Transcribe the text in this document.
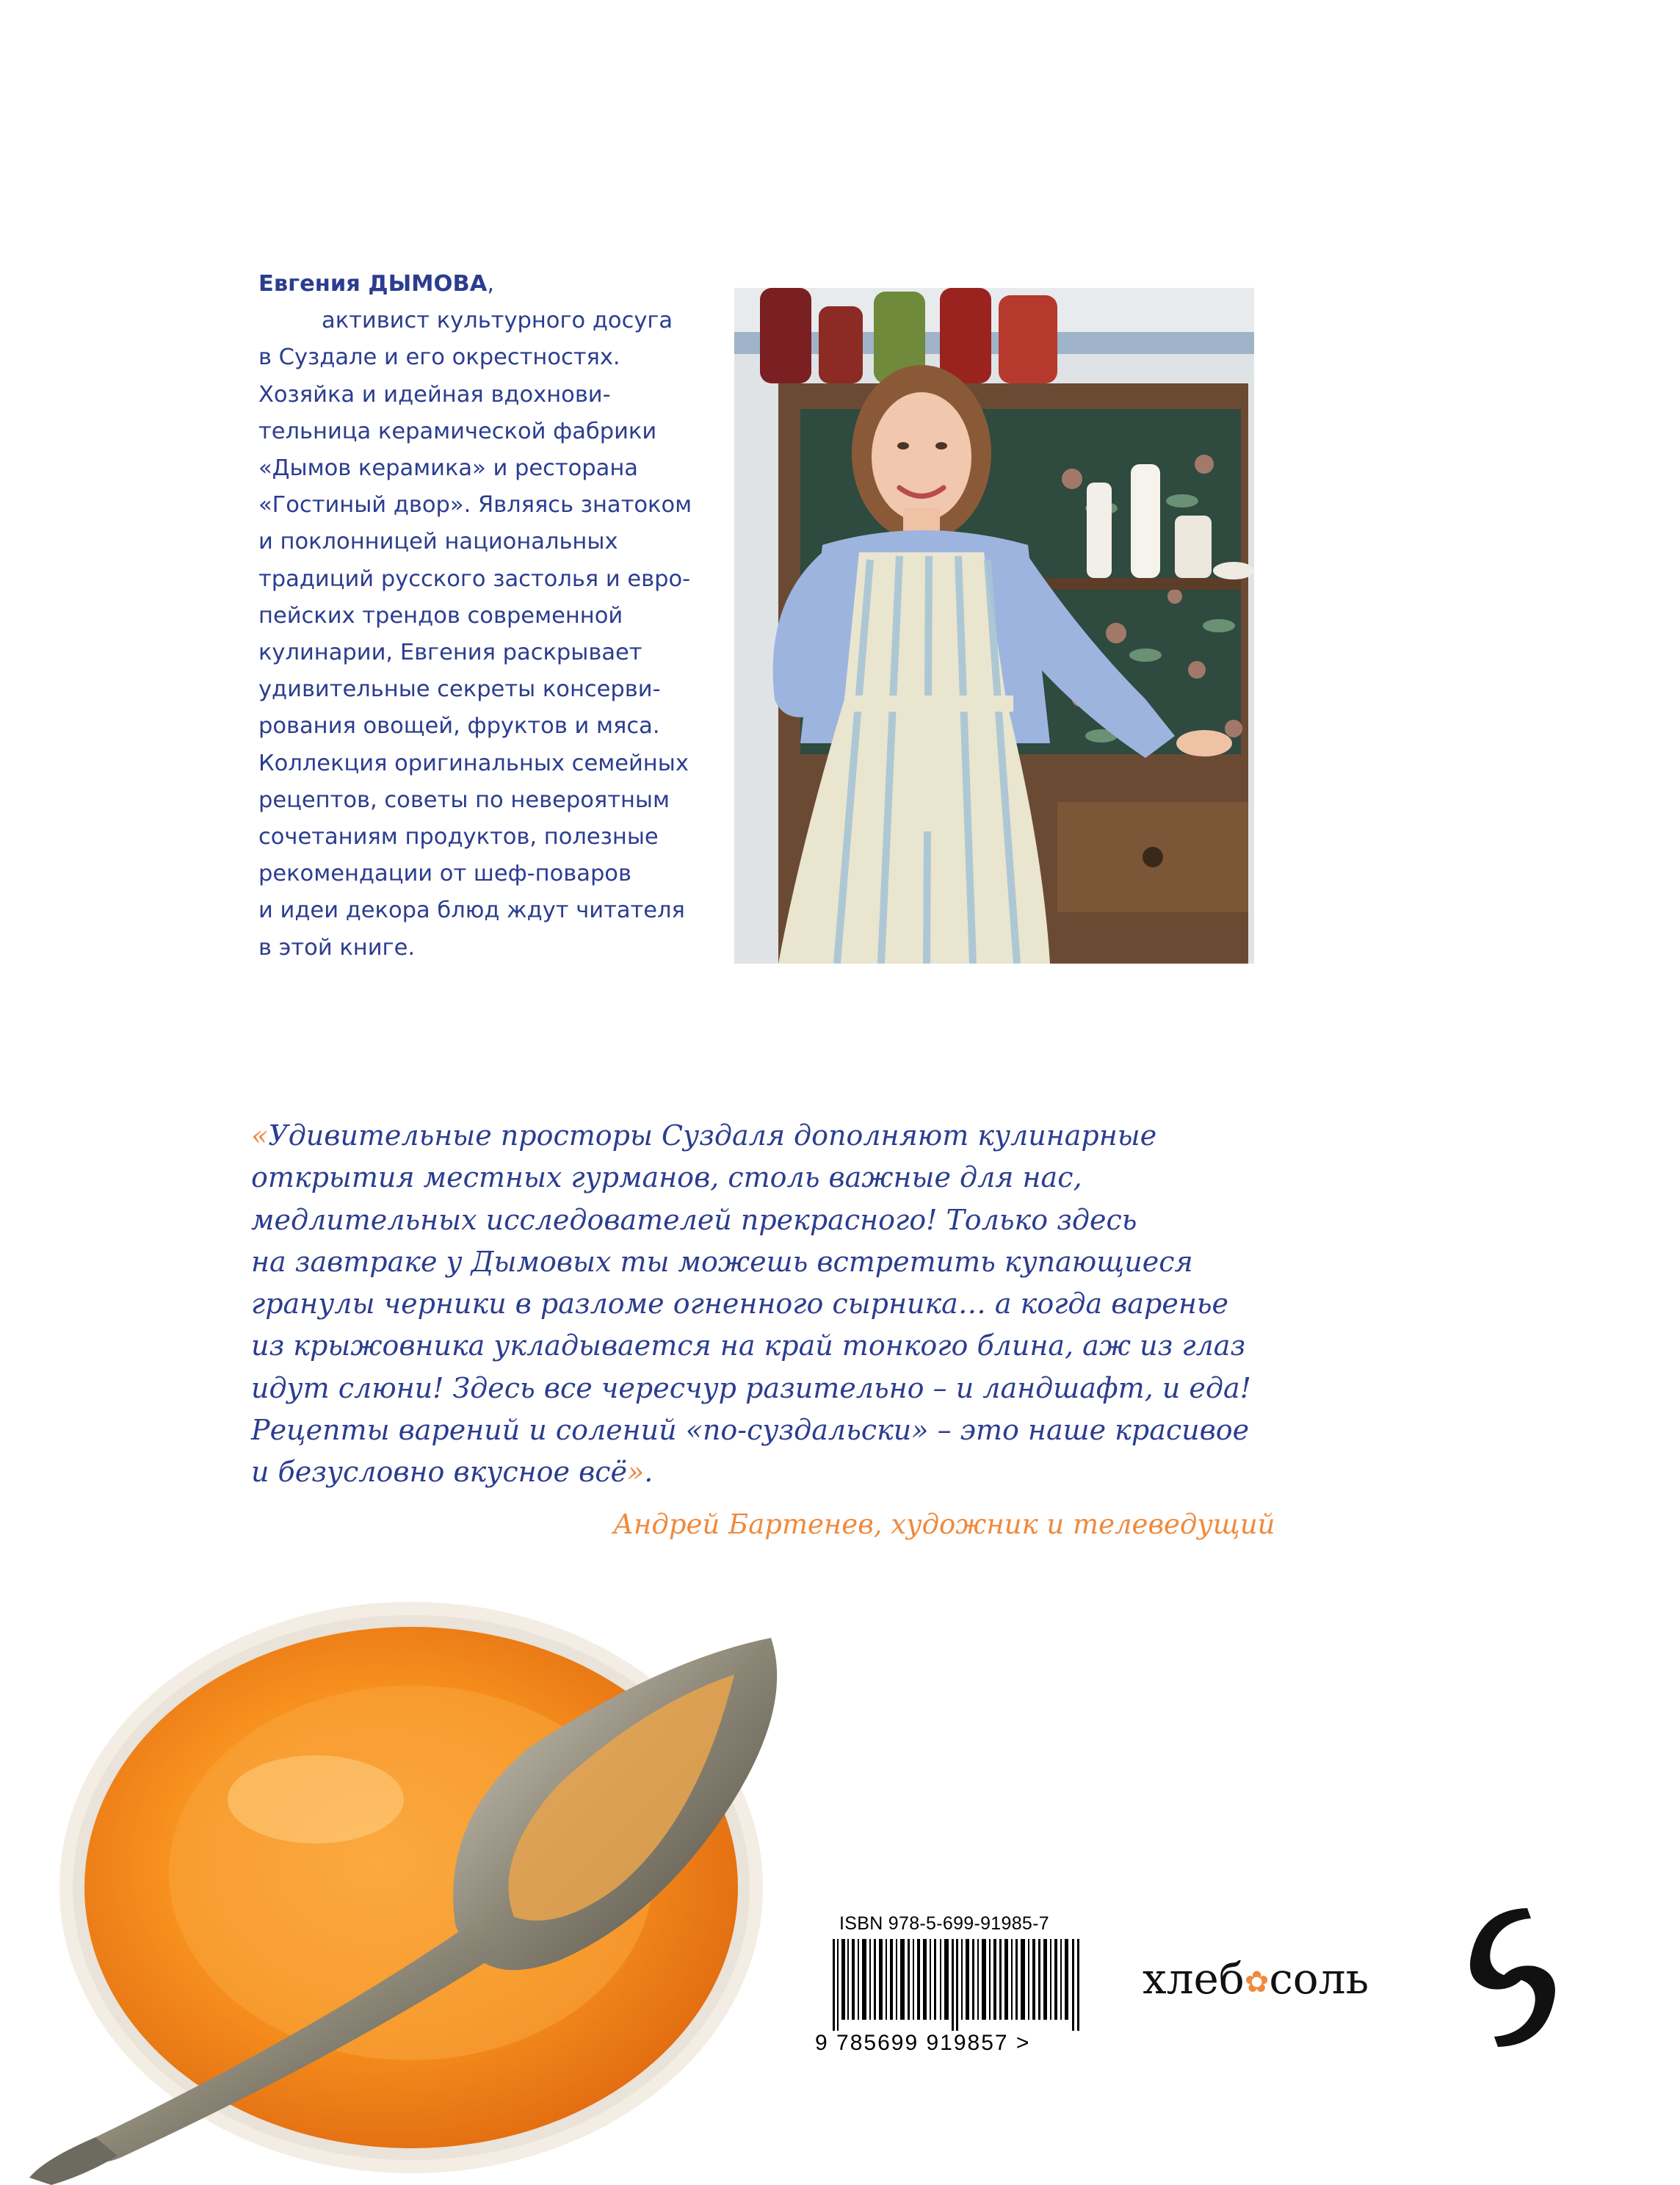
Евгения ДЫМОВА,
активист культурного досуга
в Суздале и его окрестностях.
Хозяйка и идейная вдохнови-
тельница керамической фабрики
«Дымов керамика» и ресторана
«Гостиный двор». Являясь знатоком
и поклонницей национальных
традиций русского застолья и евро-
пейских трендов современной
кулинарии, Евгения раскрывает
удивительные секреты консерви-
рования овощей, фруктов и мяса.
Коллекция оригинальных семейных
рецептов, советы по невероятным
сочетаниям продуктов, полезные
рекомендации от шеф-поваров
и идеи декора блюд ждут читателя
в этой книге.
«Удивительные просторы Суздаля дополняют кулинарные
открытия местных гурманов, столь важные для нас,
медлительных исследователей прекрасного! Только здесь
на завтраке у Дымовых ты можешь встретить купающиеся
гранулы черники в разломе огненного сырника… а когда варенье
из крыжовника укладывается на край тонкого блина, аж из глаз
идут слюни! Здесь все чересчур разительно – и ландшафт, и еда!
Рецепты варений и солений «по-суздальски» – это наше красивое
и безусловно вкусное всё».
Андрей Бартенев, художник и телеведущий
ISBN 978-5-699-91985-7
9 785699 919857 >
хлеб✿соль
